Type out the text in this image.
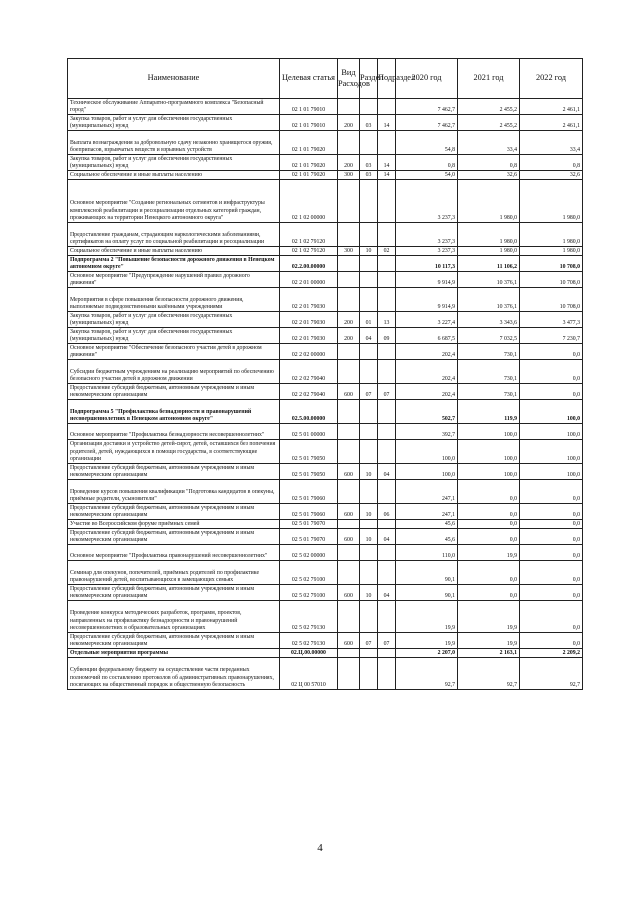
Наименование	Целевая статья	Вид Расходов	Раздел	Подраздел	2020 год	2021 год	2022 год
Техническое обслуживание Аппаратно-программного комплекса "Безопасный город"	02 1 01 79010				7 462,7	2 455,2	2 461,1
Закупка товаров, работ и услуг для обеспечения государственных (муниципальных) нужд	02 1 01 79010	200	03	14	7 462,7	2 455,2	2 461,1
Выплата вознаграждения за добровольную сдачу незаконно хранящегося оружия, боеприпасов, взрывчатых веществ и взрывных устройств	02 1 01 79020				54,8	33,4	33,4
Закупка товаров, работ и услуг для обеспечения государственных (муниципальных) нужд	02 1 01 79020	200	03	14	0,8	0,8	0,8
Социальное обеспечение и иные выплаты населению	02 1 01 79020	300	03	14	54,0	32,6	32,6
Основное мероприятие "Создание региональных сегментов и инфраструктуры комплексной реабилитации и ресоциализации отдельных категорий граждан, проживающих на территории Ненецкого автономного округа"	02 1 02 00000				3 237,3	1 980,0	1 980,0
Предоставление гражданам, страдающим наркологическими заболеваниями, сертификатов на оплату услуг по социальной реабилитации и ресоциализации	02 1 02 79120				3 237,3	1 980,0	1 980,0
Социальное обеспечение и иные выплаты населению	02 1 02 79120	300	10	02	3 237,3	1 980,0	1 980,0
Подпрограмма 2 "Повышение безопасности дорожного движения в Ненецком автономном округе"	02.2.00.00000				10 117,3	11 106,2	10 708,0
Основное мероприятие "Предупреждение нарушений правил дорожного движения"	02 2 01 00000				9 914,9	10 376,1	10 708,0
Мероприятия в сфере повышения безопасности дорожного движения, выполняемые подведомственными казёнными учреждениями	02 2 01 79030				9 914,9	10 376,1	10 708,0
Закупка товаров, работ и услуг для обеспечения государственных (муниципальных) нужд	02 2 01 79030	200	01	13	3 227,4	3 343,6	3 477,3
Закупка товаров, работ и услуг для обеспечения государственных (муниципальных) нужд	02 2 01 79030	200	04	09	6 687,5	7 032,5	7 230,7
Основное мероприятие "Обеспечение безопасного участия детей в дорожном движении"	02 2 02 00000				202,4	730,1	0,0
Субсидии бюджетным учреждениям на реализацию мероприятий по обеспечению безопасного участия детей в дорожном движении	02 2 02 79040				202,4	730,1	0,0
Предоставление субсидий бюджетным, автономным учреждениям и иным некоммерческим организациям	02 2 02 79040	600	07	07	202,4	730,1	0,0
Подпрограмма 5 "Профилактика безнадзорности и правонарушений несовершеннолетних в Ненецком автономном округе"	02.5.00.00000				502,7	119,9	100,0
Основное мероприятие "Профилактика безнадзорности несовершеннолетних"	02 5 01 00000				392,7	100,0	100,0
Организация доставки и устройство детей-сирот, детей, оставшихся без попечения родителей, детей, нуждающихся в помощи государства, в соответствующие организации	02 5 01 79050				100,0	100,0	100,0
Предоставление субсидий бюджетным, автономным учреждениям и иным некоммерческим организациям	02 5 01 79050	600	10	04	100,0	100,0	100,0
Проведение курсов повышения квалификации "Подготовка кандидатов в опекуны, приёмные родители, усыновители"	02 5 01 79060				247,1	0,0	0,0
Предоставление субсидий бюджетным, автономным учреждениям и иным некоммерческим организациям	02 5 01 79060	600	10	06	247,1	0,0	0,0
Участие во Всероссийском форуме приёмных семей	02 5 01 79070				45,6	0,0	0,0
Предоставление субсидий бюджетным, автономным учреждениям и иным некоммерческим организациям	02 5 01 79070	600	10	04	45,6	0,0	0,0
Основное мероприятие "Профилактика правонарушений несовершеннолетних"	02 5 02 00000				110,0	19,9	0,0
Семинар для опекунов, попечителей, приёмных родителей по профилактике правонарушений детей, воспитывающихся в замещающих семьях	02 5 02 79100				90,1	0,0	0,0
Предоставление субсидий бюджетным, автономным учреждениям и иным некоммерческим организациям	02 5 02 79100	600	10	04	90,1	0,0	0,0
Проведение конкурса методических разработок, программ, проектов, направленных на профилактику безнадзорности и правонарушений несовершеннолетних в образовательных организациях	02 5 02 79130				19,9	19,9	0,0
Предоставление субсидий бюджетным, автономным учреждениям и иным некоммерческим организациям	02 5 02 79130	600	07	07	19,9	19,9	0,0
Отдельные мероприятия программы	02.Ц.00.00000				2 207,0	2 163,1	2 209,2
Субвенции федеральному бюджету на осуществление части переданных полномочий по составлению протоколов об административных правонарушениях, посягающих на общественный порядок и общественную безопасность	02 Ц 00 57010				92,7	92,7	92,7
4
